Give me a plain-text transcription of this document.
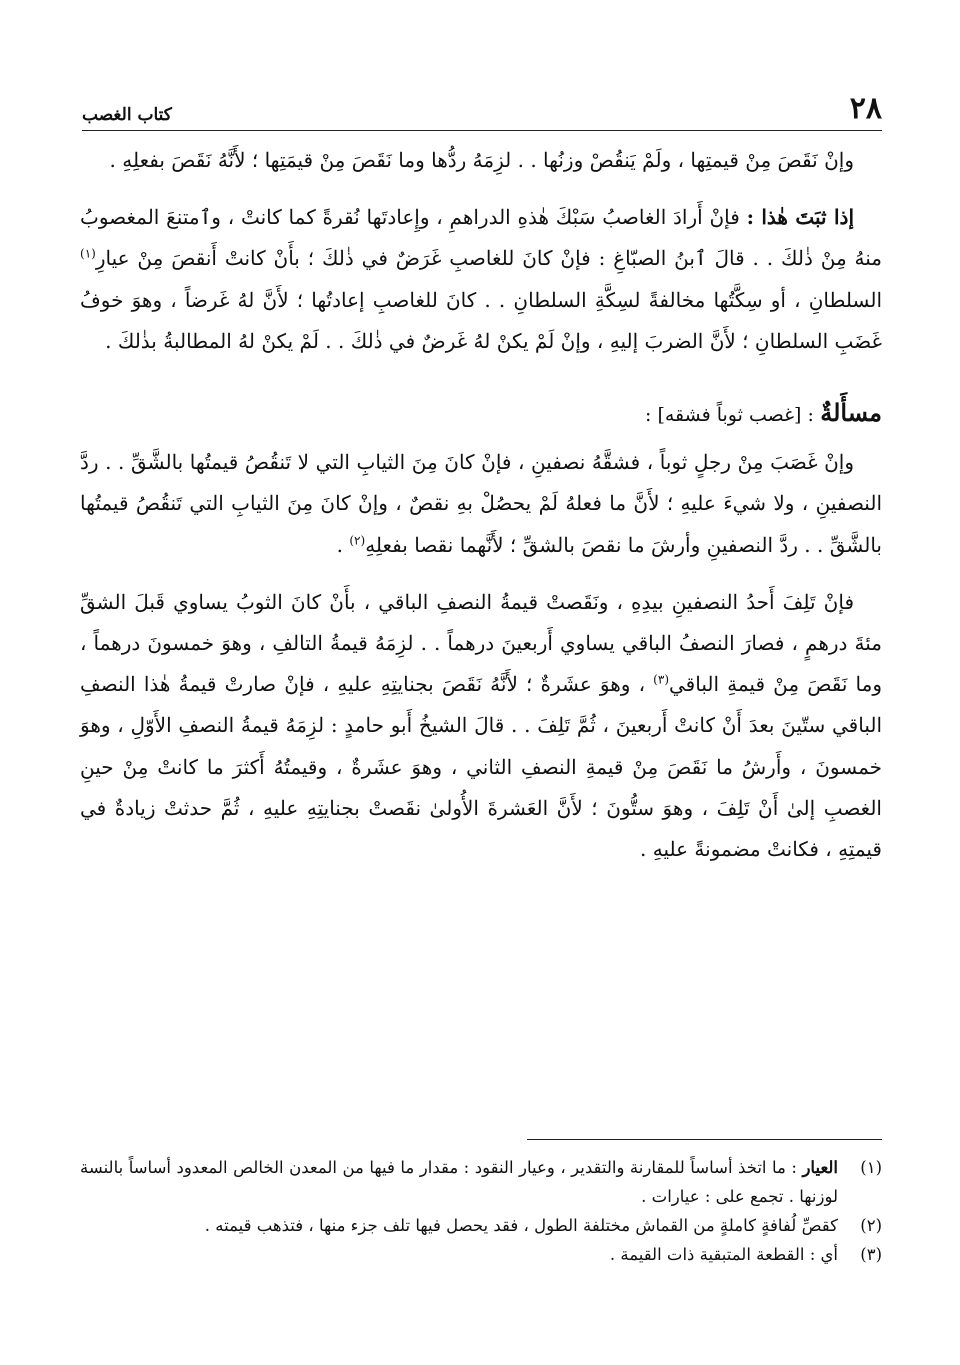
٢٨
كتاب الغصب

وإنْ نَقَصَ مِنْ قيمتِها ، ولَمْ يَنقُصْ وزنُها . . لزِمَهُ ردُّها وما نَقَصَ مِنْ قيمَتِها ؛ لأَنَّهُ نَقَصَ بفعلِهِ .

إذا ثبَتَ هٰذا : فإنْ أَرادَ الغاصبُ سَبْكَ هٰذهِ الدراهمِ ، وإِعادتَها نُقرةً كما كانتْ ، وٱمتنعَ المغصوبُ منهُ مِنْ ذٰلكَ . . قالَ ٱبنُ الصبّاغِ : فإنْ كانَ للغاصبِ غَرَضٌ في ذٰلكَ ؛ بأَنْ كانتْ أَنقصَ مِنْ عيارِ$^{(١)}$ السلطانِ ، أو سِكَّتُها مخالفةً لسِكَّةِ السلطانِ . . كانَ للغاصبِ إعادتُها ؛ لأَنَّ لهُ غَرضاً ، وهوَ خوفُ غَضَبِ السلطانِ ؛ لأَنَّ الضربَ إليهِ ، وإنْ لَمْ يكنْ لهُ غَرضٌ في ذٰلكَ . . لَمْ يكنْ لهُ المطالبةُ بذٰلكَ .

مسأَلةٌ : [غصب ثوباً فشقه] :

وإنْ غَصَبَ مِنْ رجلٍ ثوباً ، فشقَّهُ نصفينِ ، فإنْ كانَ مِنَ الثيابِ التي لا تَنقُصُ قيمتُها بالشَّقِّ . . ردَّ النصفينِ ، ولا شيءَ عليهِ ؛ لأَنَّ ما فعلهُ لَمْ يحصُلْ بهِ نقصٌ ، وإنْ كانَ مِنَ الثيابِ التي تَنقُصُ قيمتُها بالشَّقِّ . . ردَّ النصفينِ وأرشَ ما نقصَ بالشقِّ ؛ لأَنَّهما نقصا بفعلِهِ$^{(٢)}$ .

فإنْ تَلِفَ أَحدُ النصفينِ بيدِهِ ، ونَقَصتْ قيمةُ النصفِ الباقي ، بأَنْ كانَ الثوبُ يساوي قَبلَ الشقِّ مئةَ درهمٍ ، فصارَ النصفُ الباقي يساوي أَربعينَ درهماً . . لزِمَهُ قيمةُ التالفِ ، وهوَ خمسونَ درهماً ، وما نَقَصَ مِنْ قيمةِ الباقي$^{(٣)}$ ، وهوَ عشَرةٌ ؛ لأَنَّهُ نَقَصَ بجنايتِهِ عليهِ ، فإنْ صارتْ قيمةُ هٰذا النصفِ الباقي ستّينَ بعدَ أَنْ كانتْ أَربعينَ ، ثُمَّ تَلِفَ . . قالَ الشيخُ أَبو حامدٍ : لزِمَهُ قيمةُ النصفِ الأَوّلِ ، وهوَ خمسونَ ، وأَرشُ ما نَقَصَ مِنْ قيمةِ النصفِ الثاني ، وهوَ عشَرةٌ ، وقيمتُهُ أَكثرَ ما كانتْ مِنْ حينِ الغصبِ إلىٰ أَنْ تَلِفَ ، وهوَ ستُّونَ ؛ لأَنَّ العَشرةَ الأُولىٰ نقَصتْ بجنايتِهِ عليهِ ، ثُمَّ حدثتْ زيادةٌ في قيمتِهِ ، فكانتْ مضمونةً عليهِ .

(١)
العيار : ما اتخذ أساساً للمقارنة والتقدير ، وعيار النقود : مقدار ما فيها من المعدن الخالص المعدود أساساً بالنسة لوزنها . تجمع على : عيارات .
(٢)
كقصِّ لُفافةٍ كاملةٍ من القماش مختلفة الطول ، فقد يحصل فيها تلف جزء منها ، فتذهب قيمته .
(٣)
أي : القطعة المتبقية ذات القيمة .
